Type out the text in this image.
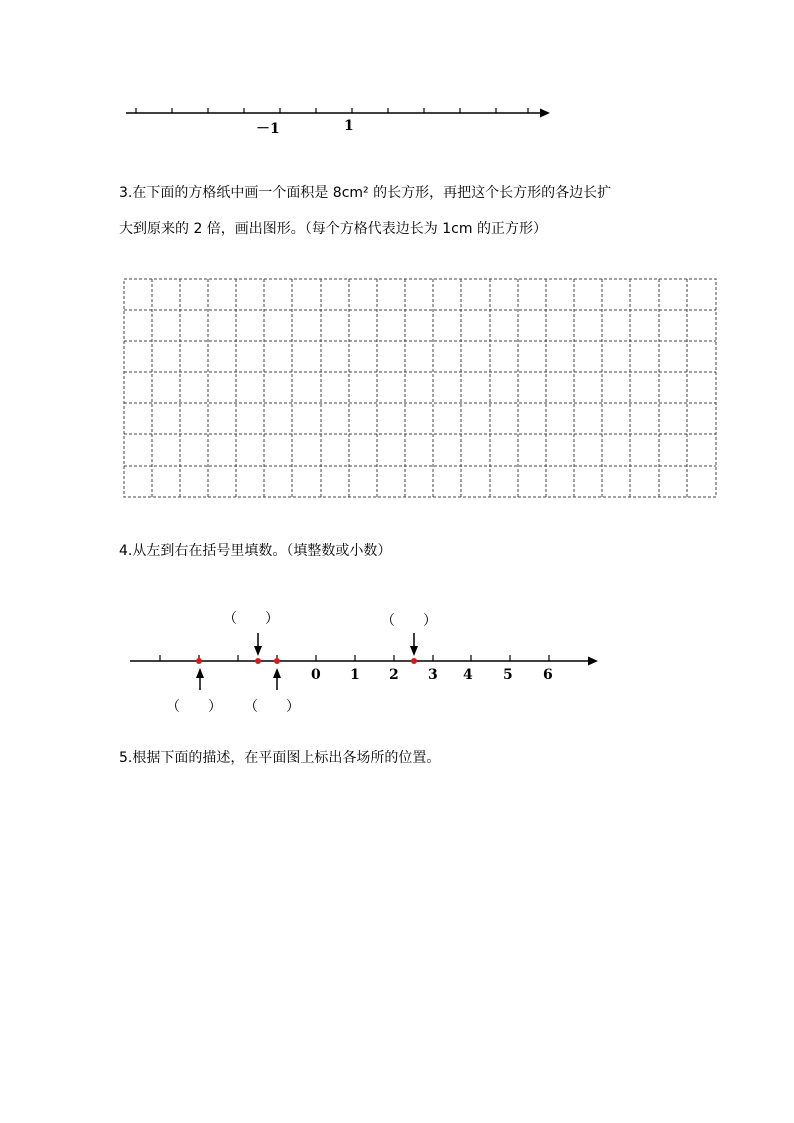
－1	1
3.在下面的方格纸中画一个面积是 8cm² 的长方形，再把这个长方形的各边长扩
大到原来的 2 倍，画出图形。（每个方格代表边长为 1cm 的正方形）
4.从左到右在括号里填数。（填整数或小数）
0 1 2 3 4 5 6
（　　）	（　　）
（　　） （　　）
5.根据下面的描述，在平面图上标出各场所的位置。
